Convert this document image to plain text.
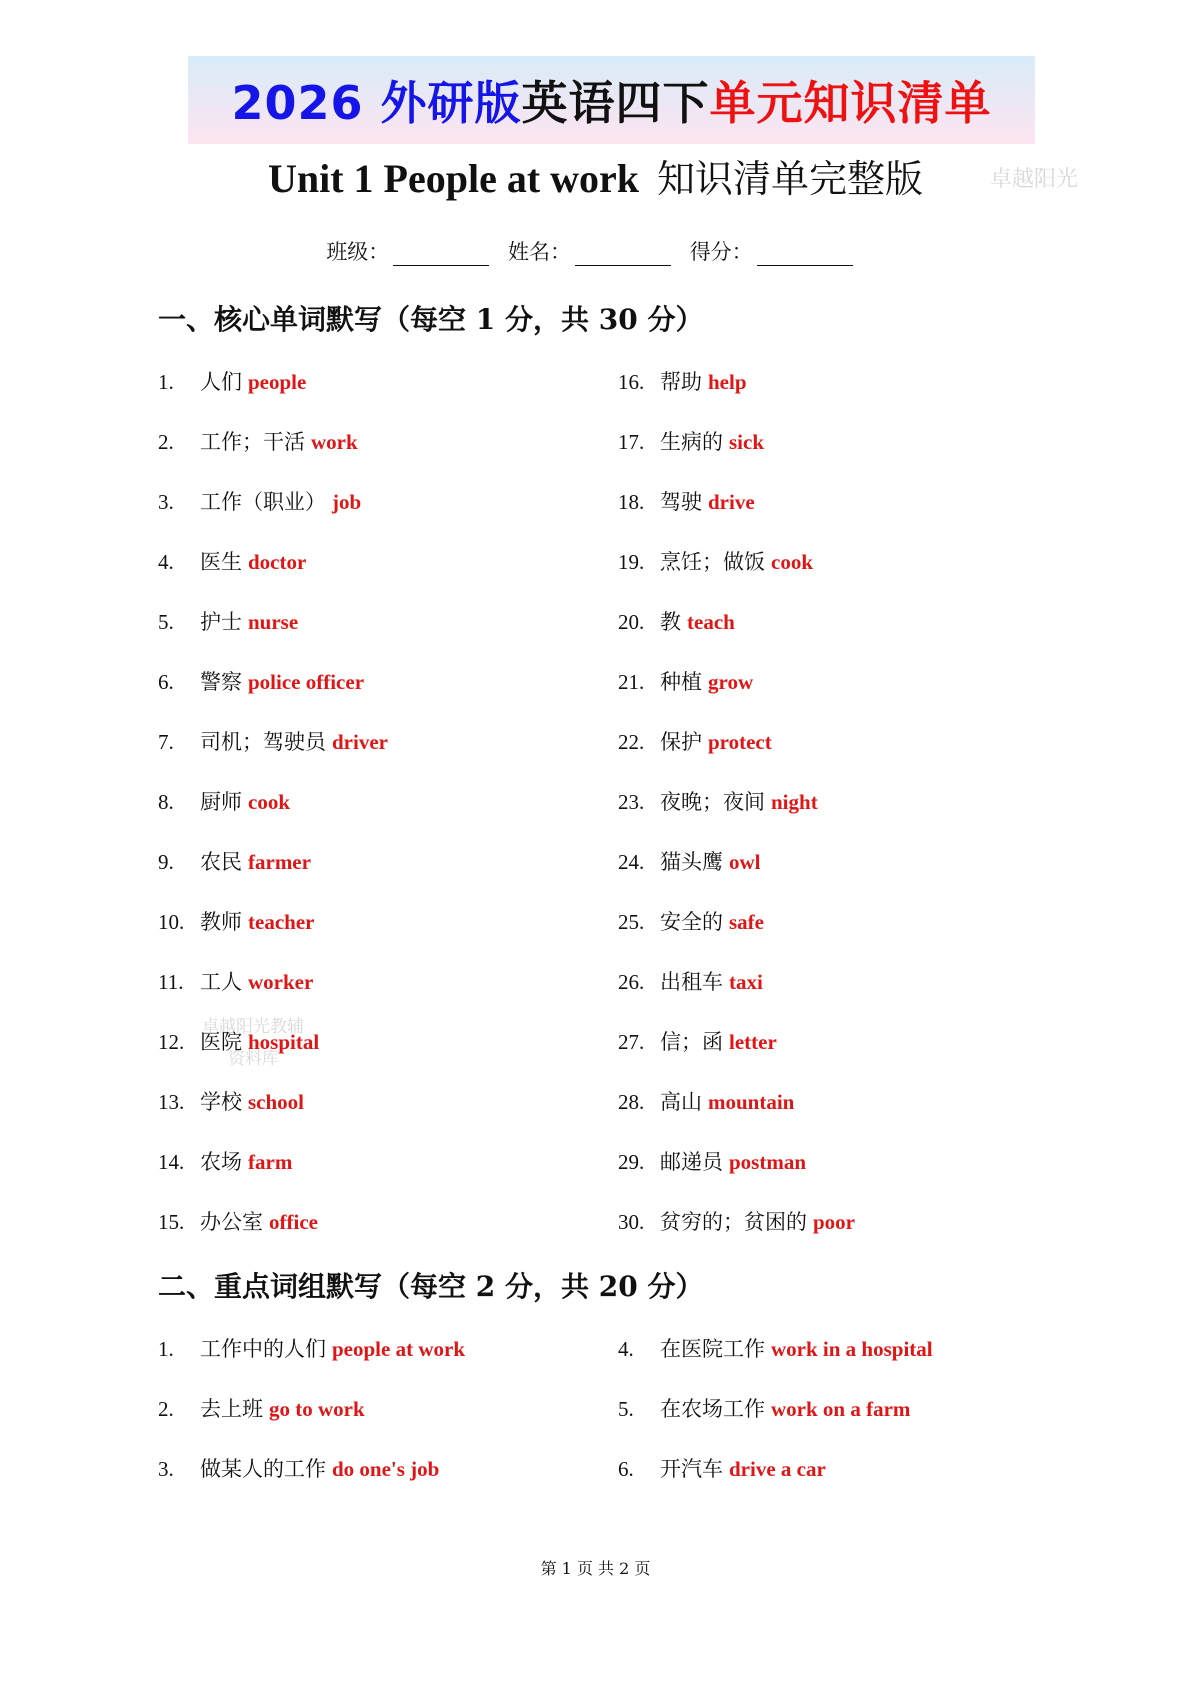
2026 外研版 英语四下 单元知识清单
Unit 1 People at work 知识清单完整版	卓越阳光
卓越阳光教辅
资料库
班级：	姓名：	得分：
一、核心单词默写（每空 1 分，共 30 分）
1. 人们 people
2. 工作；干活 work
3. 工作（职业） job
4. 医生 doctor
5. 护士 nurse
6. 警察 police officer
7. 司机；驾驶员 driver
8. 厨师 cook
9. 农民 farmer
10. 教师 teacher
11. 工人 worker
12. 医院 hospital
13. 学校 school
14. 农场 farm
15. 办公室 office
16. 帮助 help
17. 生病的 sick
18. 驾驶 drive
19. 烹饪；做饭 cook
20. 教 teach
21. 种植 grow
22. 保护 protect
23. 夜晚；夜间 night
24. 猫头鹰 owl
25. 安全的 safe
26. 出租车 taxi
27. 信；函 letter
28. 高山 mountain
29. 邮递员 postman
30. 贫穷的；贫困的 poor
二、重点词组默写（每空 2 分，共 20 分）
1. 工作中的人们 people at work
2. 去上班 go to work
3. 做某人的工作 do one's job
4. 在医院工作 work in a hospital
5. 在农场工作 work on a farm
6. 开汽车 drive a car
第 1 页 共 2 页
